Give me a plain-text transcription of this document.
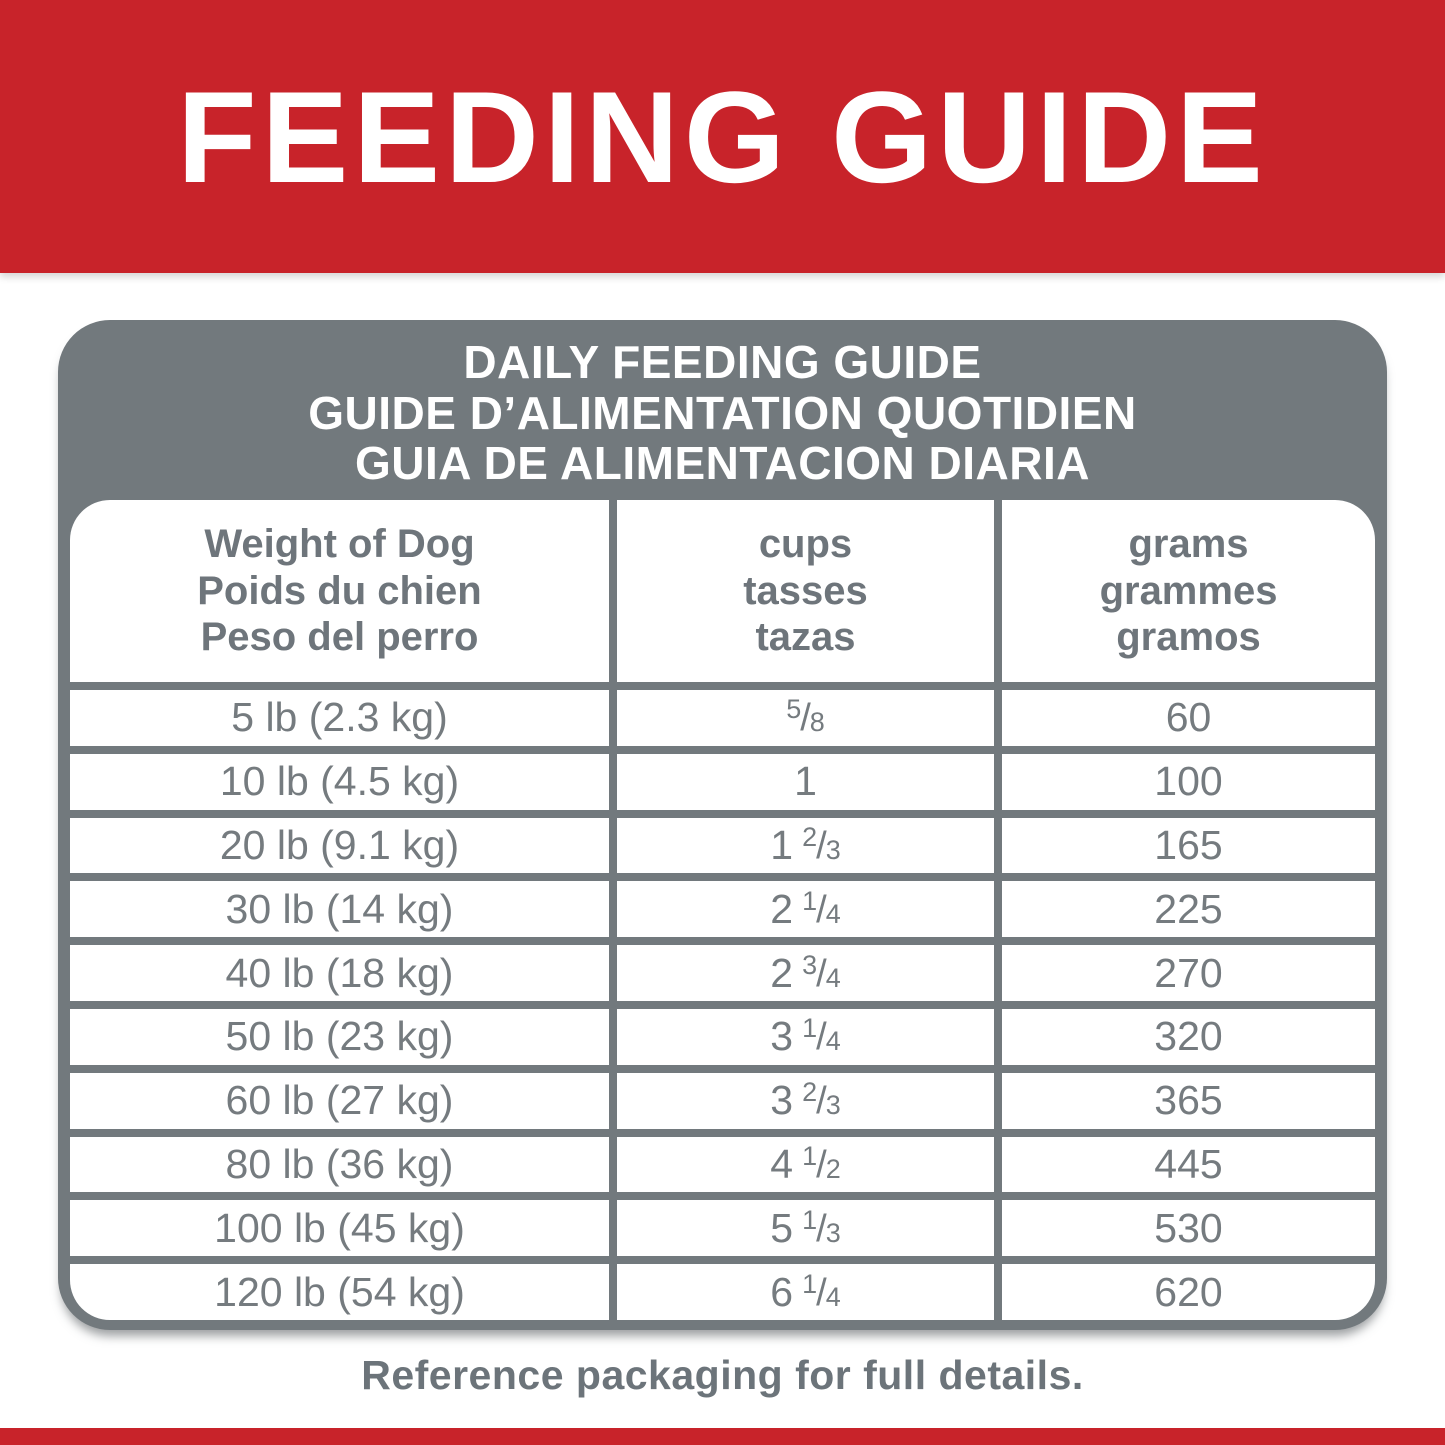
FEEDING GUIDE
DAILY FEEDING GUIDE
GUIDE D’ALIMENTATION QUOTIDIEN
GUIA DE ALIMENTACION DIARIA
Weight of Dog
Poids du chien
Peso del perro
cups
tasses
tazas
grams
grammes
gramos
5 lb (2.3 kg)	$^5$/8	60
10 lb (4.5 kg)	1	100
20 lb (9.1 kg)	1 $^2$/3	165
30 lb (14 kg)	2 $^1$/4	225
40 lb (18 kg)	2 $^3$/4	270
50 lb (23 kg)	3 $^1$/4	320
60 lb (27 kg)	3 $^2$/3	365
80 lb (36 kg)	4 $^1$/2	445
100 lb (45 kg)	5 $^1$/3	530
120 lb (54 kg)	6 $^1$/4	620
Reference packaging for full details.
